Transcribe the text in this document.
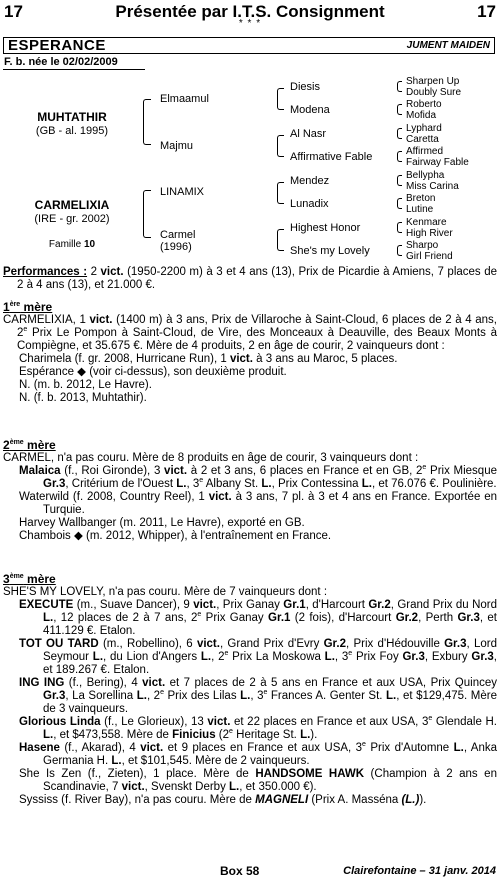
17	Présentée par I.T.S. Consignment
* * *
17
ESPERANCE	JUMENT MAIDEN
F. b. née le 02/02/2009
MUHTATHIR
(GB - al. 1995)
CARMELIXIA
(IRE - gr. 2002)
Famille 10
Elmaamul
Majmu
LINAMIX
Carmel
(1996)
Diesis
Modena
Al Nasr
Affirmative Fable
Mendez
Lunadix
Highest Honor
She's my Lovely
Sharpen Up
Doubly Sure
Roberto
Mofida
Lyphard
Caretta
Affirmed
Fairway Fable
Bellypha
Miss Carina
Breton
Lutine
Kenmare
High River
Sharpo
Girl Friend

Performances : 2 vict. (1950-2200 m) à 3 et 4 ans (13), Prix de Picardie à Amiens, 7 places de 2 à 4 ans (13), et 21.000 €.

1ère mère

CARMELIXIA, 1 vict. (1400 m) à 3 ans, Prix de Villaroche à Saint-Cloud, 6 places de 2 à 4 ans, 2e Prix Le Pompon à Saint-Cloud, de Vire, des Monceaux à Deauville, des Beaux Monts à Compiègne, et 35.675 €. Mère de 4 produits, 2 en âge de courir, 2 vainqueurs dont :

Charimela (f. gr. 2008, Hurricane Run), 1 vict. à 3 ans au Maroc, 5 places.

Espérance ◆ (voir ci-dessus), son deuxième produit.

N. (m. b. 2012, Le Havre).

N. (f. b. 2013, Muhtathir).

2ème mère

CARMEL, n'a pas couru. Mère de 8 produits en âge de courir, 3 vainqueurs dont :

Malaica (f., Roi Gironde), 3 vict. à 2 et 3 ans, 6 places en France et en GB, 2e Prix Miesque Gr.3, Critérium de l'Ouest L., 3e Albany St. L., Prix Contessina L., et 76.076 €. Poulinière.

Waterwild (f. 2008, Country Reel), 1 vict. à 3 ans, 7 pl. à 3 et 4 ans en France. Exportée en Turquie.

Harvey Wallbanger (m. 2011, Le Havre), exporté en GB.

Chambois ◆ (m. 2012, Whipper), à l'entraînement en France.

3ème mère

SHE'S MY LOVELY, n'a pas couru. Mère de 7 vainqueurs dont :

EXECUTE (m., Suave Dancer), 9 vict., Prix Ganay Gr.1, d'Harcourt Gr.2, Grand Prix du Nord L., 12 places de 2 à 7 ans, 2e Prix Ganay Gr.1 (2 fois), d'Harcourt Gr.2, Perth Gr.3, et 411.129 €. Etalon.

TOT OU TARD (m., Robellino), 6 vict., Grand Prix d'Evry Gr.2, Prix d'Hédouville Gr.3, Lord Seymour L., du Lion d'Angers L., 2e Prix La Moskowa L., 3e Prix Foy Gr.3, Exbury Gr.3, et 189.267 €. Etalon.

ING ING (f., Bering), 4 vict. et 7 places de 2 à 5 ans en France et aux USA, Prix Quincey Gr.3, La Sorellina L., 2e Prix des Lilas L., 3e Frances A. Genter St. L., et $129,475. Mère de 3 vainqueurs.

Glorious Linda (f., Le Glorieux), 13 vict. et 22 places en France et aux USA, 3e Glendale H. L., et $473,558. Mère de Finicius (2e Heritage St. L.).

Hasene (f., Akarad), 4 vict. et 9 places en France et aux USA, 3e Prix d'Automne L., Anka Germania H. L., et $101,545. Mère de 2 vainqueurs.

She Is Zen (f., Zieten), 1 place. Mère de HANDSOME HAWK (Champion à 2 ans en Scandinavie, 7 vict., Svenskt Derby L., et 350.000 €).

Syssiss (f. River Bay), n'a pas couru. Mère de MAGNELI (Prix A. Masséna (L.)).

Box 58	Clairefontaine – 31 janv. 2014
